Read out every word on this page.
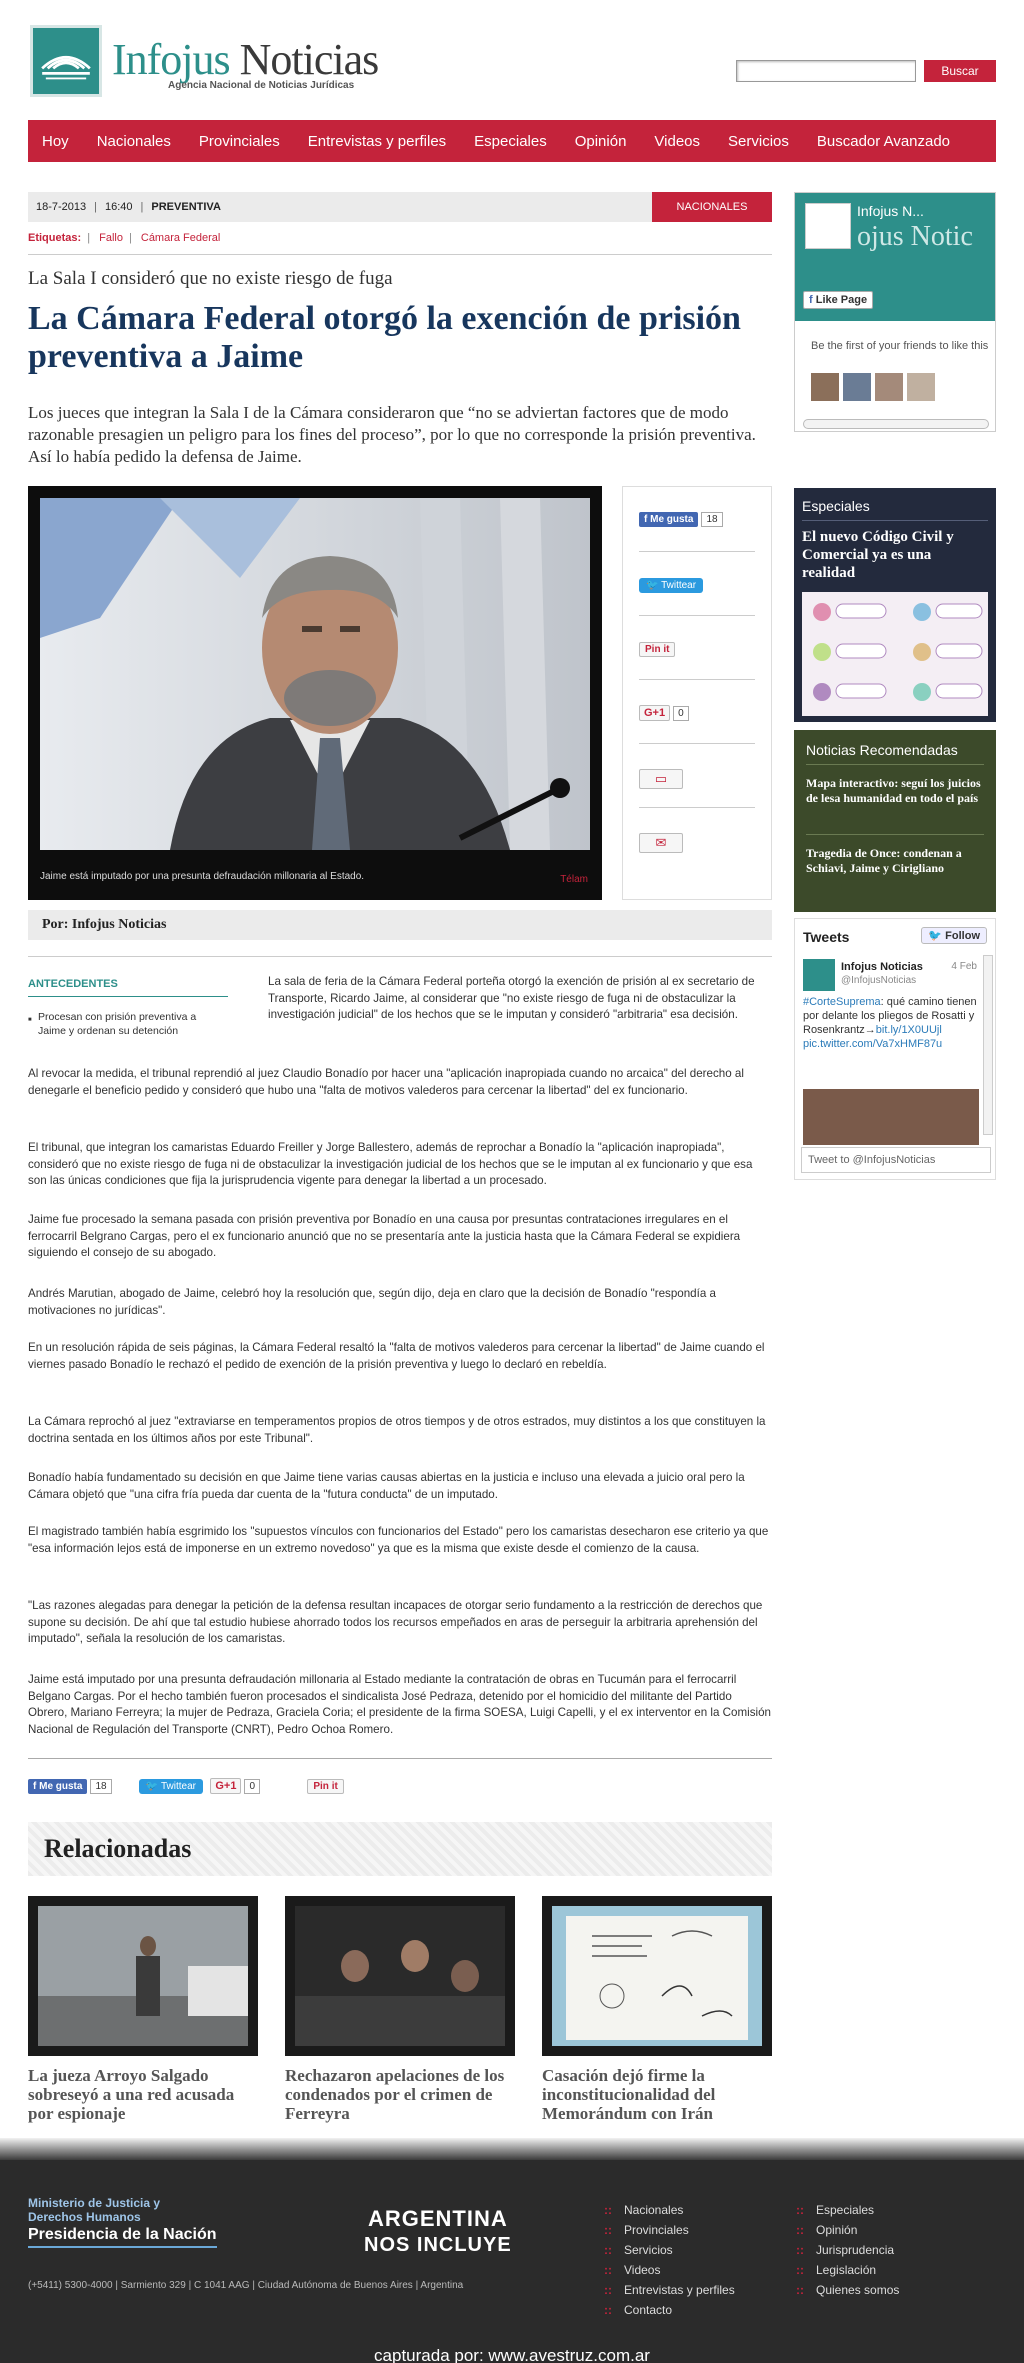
Infojus Noticias
Agencia Nacional de Noticias Jurídicas
Buscar
Hoy Nacionales Provinciales Entrevistas y perfiles Especiales Opinión Videos Servicios Buscador Avanzado
18-7-2013 | 16:40 | PREVENTIVA	NACIONALES
Etiquetas: | Fallo | Cámara Federal
La Sala I consideró que no existe riesgo de fuga
La Cámara Federal otorgó la exención de prisión preventiva a Jaime

Los jueces que integran la Sala I de la Cámara consideraron que “no se adviertan factores que de modo razonable presagien un peligro para los fines del proceso”, por lo que no corresponde la prisión preventiva. Así lo había pedido la defensa de Jaime.

Jaime está imputado por una presunta defraudación millonaria al Estado.	Télam
f Me gusta 18
🐦 Twittear
Pin it
G+1 0
▭
✉
Por: Infojus Noticias
ANTECEDENTES
■ Procesan con prisión preventiva a Jaime y ordenan su detención

La sala de feria de la Cámara Federal porteña otorgó la exención de prisión al ex secretario de Transporte, Ricardo Jaime, al considerar que "no existe riesgo de fuga ni de obstaculizar la investigación judicial" de los hechos que se le imputan y consideró "arbitraria" esa decisión.

Al revocar la medida, el tribunal reprendió al juez Claudio Bonadío por hacer una "aplicación inapropiada cuando no arcaica" del derecho al denegarle el beneficio pedido y consideró que hubo una "falta de motivos valederos para cercenar la libertad" del ex funcionario.

El tribunal, que integran los camaristas Eduardo Freiller y Jorge Ballestero, además de reprochar a Bonadío la "aplicación inapropiada", consideró que no existe riesgo de fuga ni de obstaculizar la investigación judicial de los hechos que se le imputan al ex funcionario y que esa son las únicas condiciones que fija la jurisprudencia vigente para denegar la libertad a un procesado.

Jaime fue procesado la semana pasada con prisión preventiva por Bonadío en una causa por presuntas contrataciones irregulares en el ferrocarril Belgrano Cargas, pero el ex funcionario anunció que no se presentaría ante la justicia hasta que la Cámara Federal se expidiera siguiendo el consejo de su abogado.

Andrés Marutian, abogado de Jaime, celebró hoy la resolución que, según dijo, deja en claro que la decisión de Bonadío "respondía a motivaciones no jurídicas".

En un resolución rápida de seis páginas, la Cámara Federal resaltó la "falta de motivos valederos para cercenar la libertad" de Jaime cuando el viernes pasado Bonadío le rechazó el pedido de exención de la prisión preventiva y luego lo declaró en rebeldía.

La Cámara reprochó al juez "extraviarse en temperamentos propios de otros tiempos y de otros estrados, muy distintos a los que constituyen la doctrina sentada en los últimos años por este Tribunal".

Bonadío había fundamentado su decisión en que Jaime tiene varias causas abiertas en la justicia e incluso una elevada a juicio oral pero la Cámara objetó que "una cifra fría pueda dar cuenta de la "futura conducta" de un imputado.

El magistrado también había esgrimido los "supuestos vínculos con funcionarios del Estado" pero los camaristas desecharon ese criterio ya que "esa información lejos está de imponerse en un extremo novedoso" ya que es la misma que existe desde el comienzo de la causa.

"Las razones alegadas para denegar la petición de la defensa resultan incapaces de otorgar serio fundamento a la restricción de derechos que supone su decisión. De ahí que tal estudio hubiese ahorrado todos los recursos empeñados en aras de perseguir la arbitraria aprehensión del imputado", señala la resolución de los camaristas.

Jaime está imputado por una presunta defraudación millonaria al Estado mediante la contratación de obras en Tucumán para el ferrocarril Belgano Cargas. Por el hecho también fueron procesados el sindicalista José Pedraza, detenido por el homicidio del militante del Partido Obrero, Mariano Ferreyra; la mujer de Pedraza, Graciela Coria; el presidente de la firma SOESA, Luigi Capelli, y el ex interventor en la Comisión Nacional de Regulación del Transporte (CNRT), Pedro Ochoa Romero.

f Me gusta 18	🐦 Twittear G+1 0	Pin it
Relacionadas
La jueza Arroyo Salgado sobreseyó a una red acusada por espionaje
Rechazaron apelaciones de los condenados por el crimen de Ferreyra
Casación dejó firme la inconstitucionalidad del Memorándum con Irán
Infojus N...
ojus Notic
f Like Page
Be the first of your friends to like this
Especiales
El nuevo Código Civil y Comercial ya es una realidad
Noticias Recomendadas
Mapa interactivo: seguí los juicios de lesa humanidad en todo el país
Tragedia de Once: condenan a Schiavi, Jaime y Cirigliano
Tweets	🐦 Follow
Infojus Noticias
@InfojusNoticias
4 Feb
#CorteSuprema: qué camino tienen por delante los pliegos de Rosatti y Rosenkrantz→bit.ly/1X0UUjl
pic.twitter.com/Va7xHMF87u
Tweet to @InfojusNoticias
Ministerio de Justicia y Derechos Humanos
Presidencia de la Nación
ARGENTINA
NOS INCLUYE
(+5411) 5300-4000 | Sarmiento 329 | C 1041 AAG | Ciudad Autónoma de Buenos Aires | Argentina
:: Nacionales
:: Provinciales
:: Servicios
:: Videos
:: Entrevistas y perfiles
:: Contacto
:: Especiales
:: Opinión
:: Jurisprudencia
:: Legislación
:: Quienes somos
capturada por: www.avestruz.com.ar
